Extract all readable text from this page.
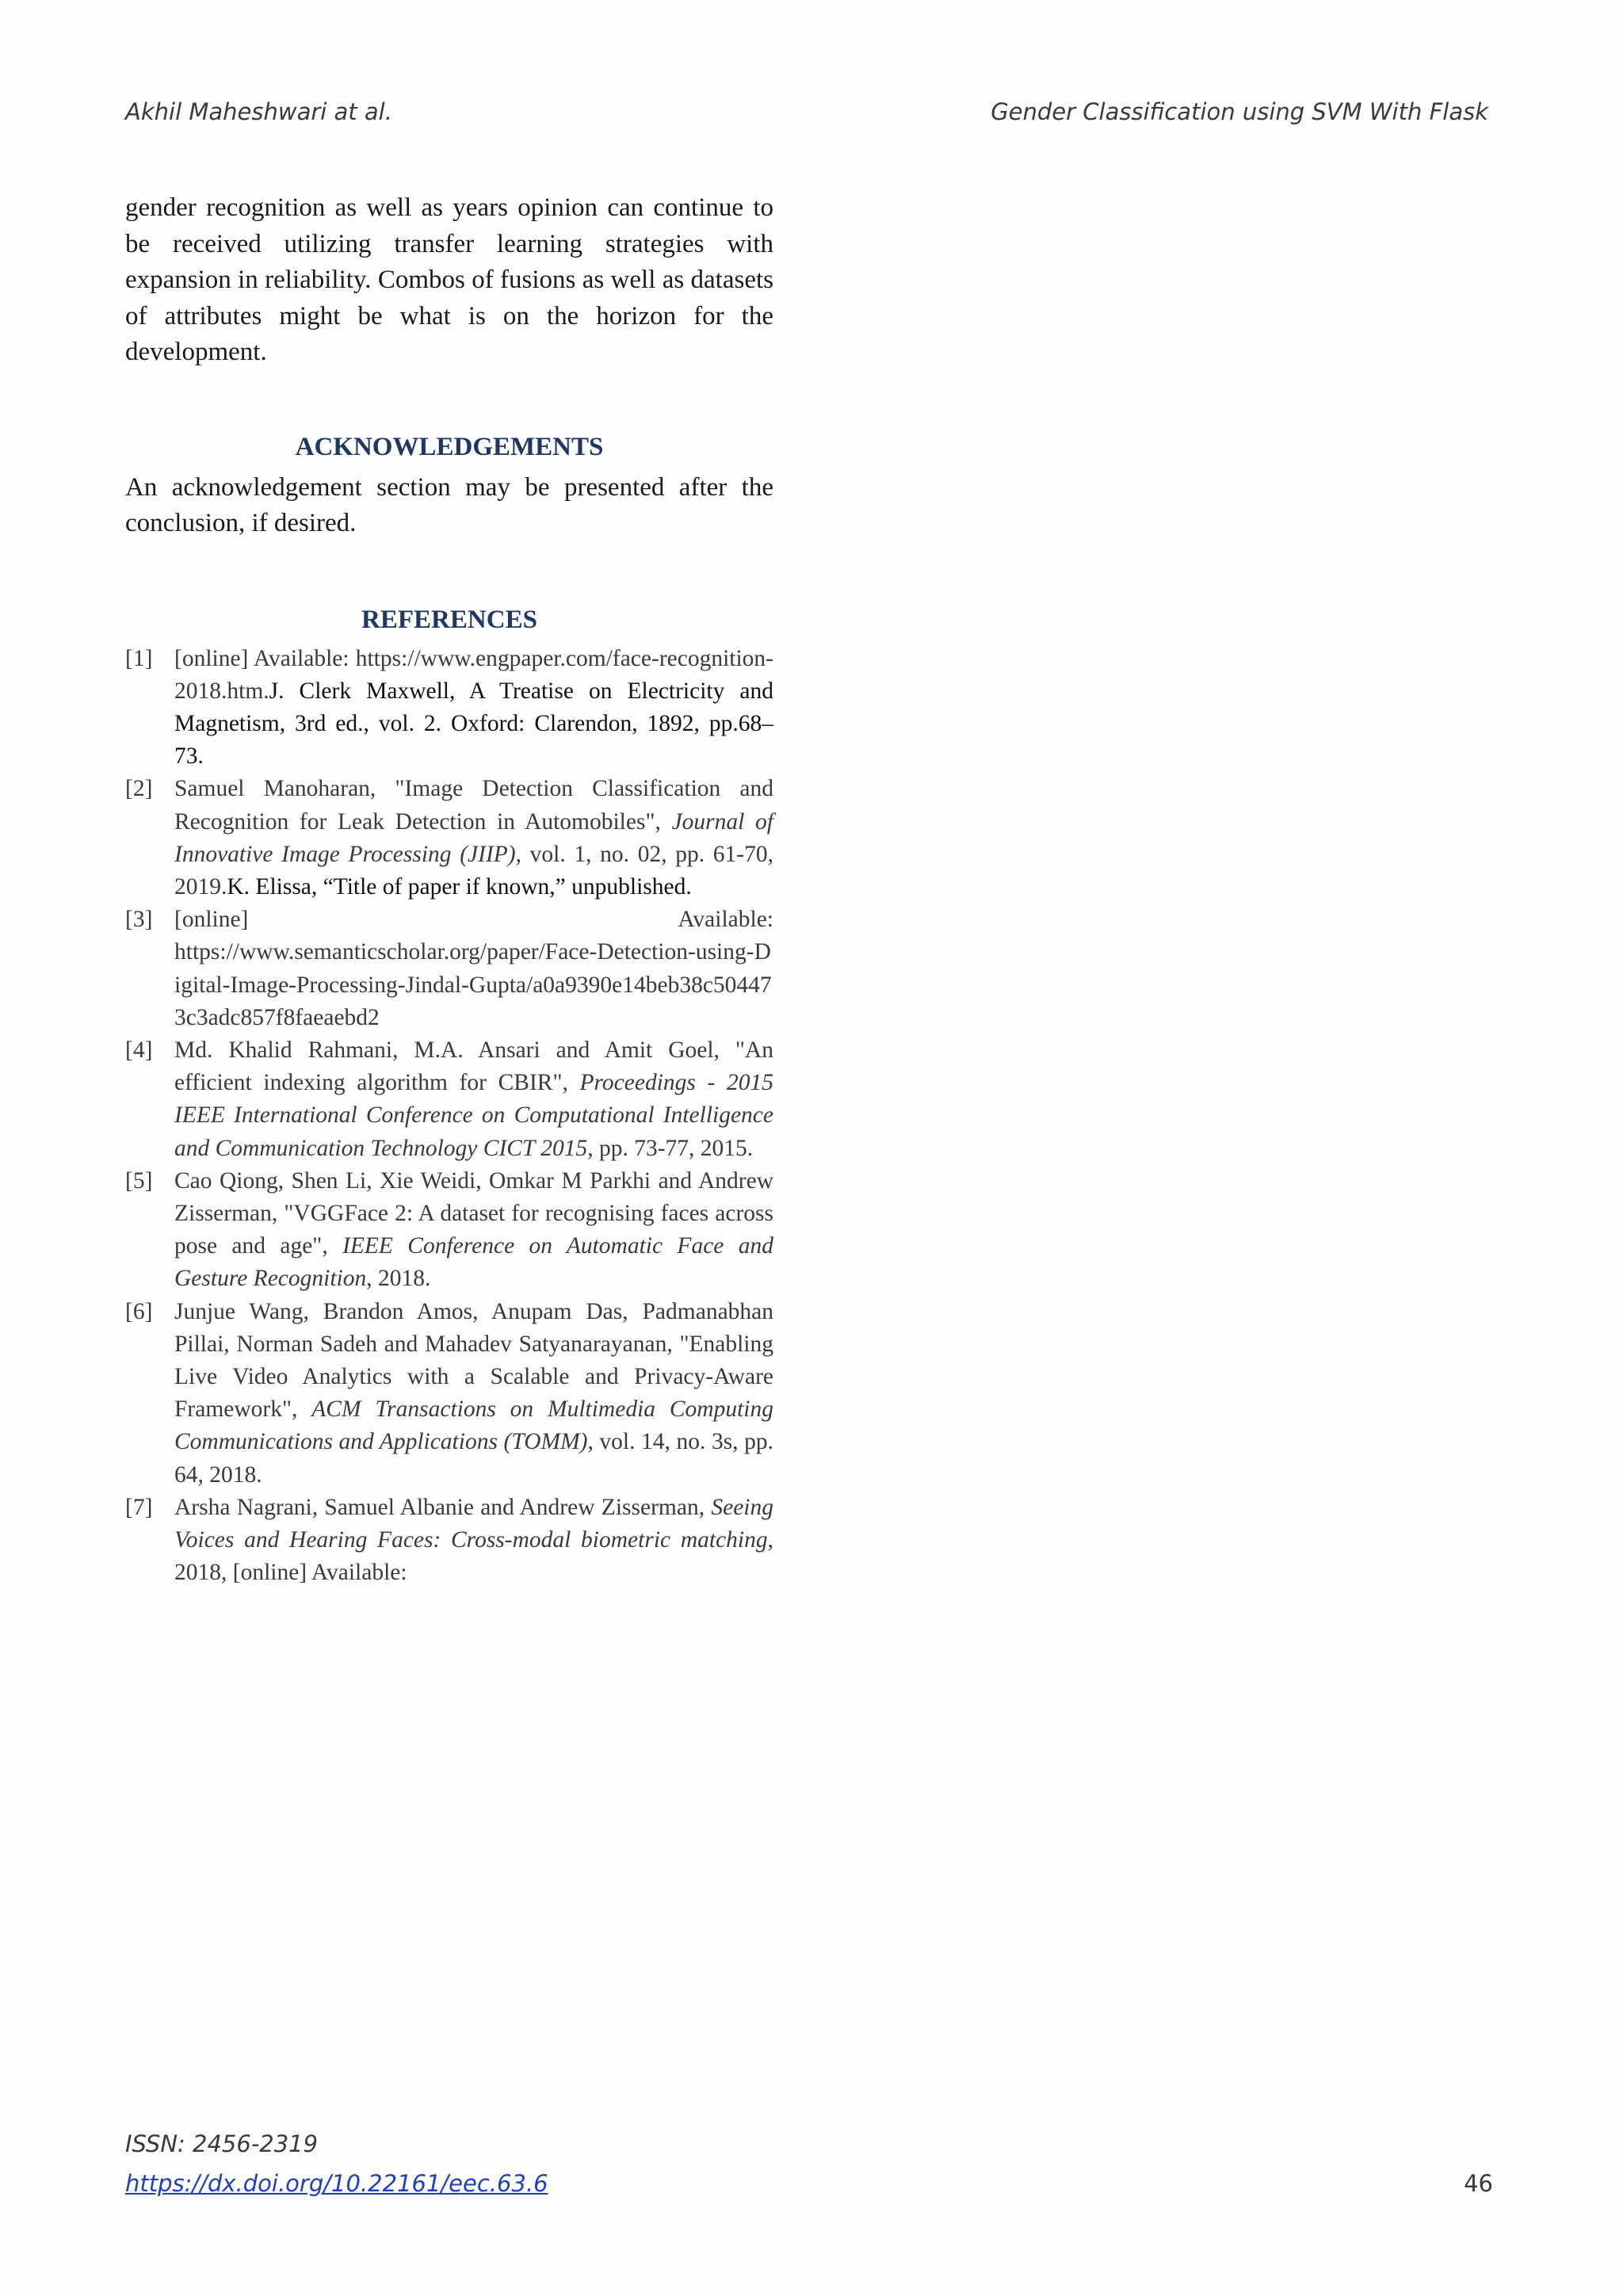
Akhil Maheshwari at al.	Gender Classification using SVM With Flask

gender recognition as well as years opinion can continue to be received utilizing transfer learning strategies with expansion in reliability. Combos of fusions as well as datasets of attributes might be what is on the horizon for the development.

ACKNOWLEDGEMENTS

An acknowledgement section may be presented after the conclusion, if desired.

REFERENCES
[1] [online] Available: https://www.engpaper.com/face-recognition-2018.htm.J. Clerk Maxwell, A Treatise on Electricity and Magnetism, 3rd ed., vol. 2. Oxford: Clarendon, 1892, pp.68–73.
[2] Samuel Manoharan, "Image Detection Classification and Recognition for Leak Detection in Automobiles", Journal of Innovative Image Processing (JIIP), vol. 1, no. 02, pp. 61-70, 2019.K. Elissa, “Title of paper if known,” unpublished.
[3] [online] Available:
https://www.semanticscholar.org/paper/Face-Detection-using-Digital-Image-Processing-Jindal-Gupta/a0a9390e14beb38c504473c3adc857f8faeaebd2
[4] Md. Khalid Rahmani, M.A. Ansari and Amit Goel, "An efficient indexing algorithm for CBIR", Proceedings - 2015 IEEE International Conference on Computational Intelligence and Communication Technology CICT 2015, pp. 73-77, 2015.
[5] Cao Qiong, Shen Li, Xie Weidi, Omkar M Parkhi and Andrew Zisserman, "VGGFace 2: A dataset for recognising faces across pose and age", IEEE Conference on Automatic Face and Gesture Recognition, 2018.
[6] Junjue Wang, Brandon Amos, Anupam Das, Padmanabhan Pillai, Norman Sadeh and Mahadev Satyanarayanan, "Enabling Live Video Analytics with a Scalable and Privacy-Aware Framework", ACM Transactions on Multimedia Computing Communications and Applications (TOMM), vol. 14, no. 3s, pp. 64, 2018.
[7] Arsha Nagrani, Samuel Albanie and Andrew Zisserman, Seeing Voices and Hearing Faces: Cross-modal biometric matching, 2018, [online] Available:
ISSN: 2456-2319
https://dx.doi.org/10.22161/eec.63.6	46
